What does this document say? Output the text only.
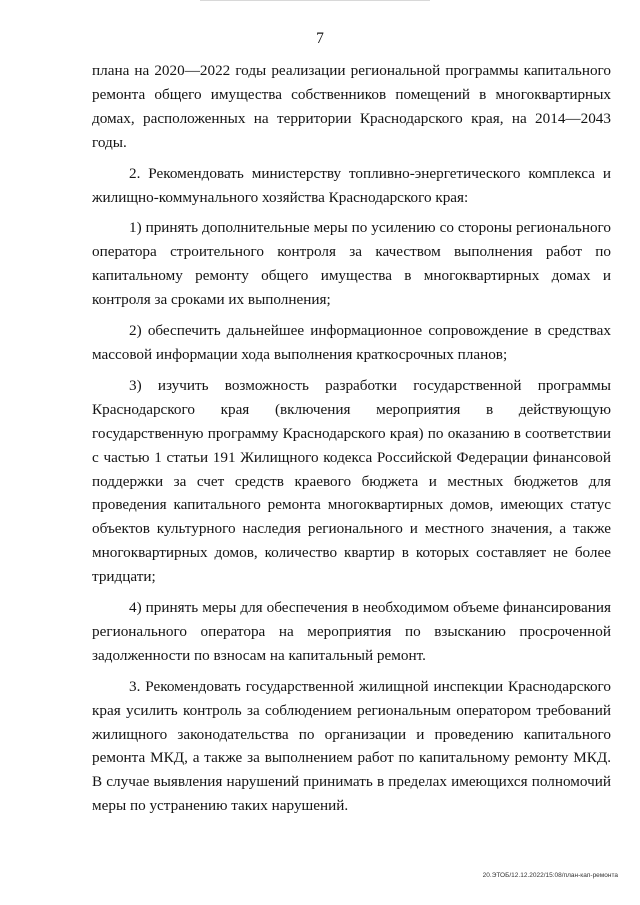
7

плана на 2020—2022 годы реализации региональной программы капитального ремонта общего имущества собственников помещений в многоквартирных домах, расположенных на территории Краснодарского края, на 2014—2043 годы.

2. Рекомендовать министерству топливно-энергетического комплекса и жилищно-коммунального хозяйства Краснодарского края:

1) принять дополнительные меры по усилению со стороны регионального оператора строительного контроля за качеством выполнения работ по капитальному ремонту общего имущества в многоквартирных домах и контроля за сроками их выполнения;

2) обеспечить дальнейшее информационное сопровождение в средствах массовой информации хода выполнения краткосрочных планов;

3) изучить возможность разработки государственной программы Краснодарского края (включения мероприятия в действующую государственную программу Краснодарского края) по оказанию в соответствии с частью 1 статьи 191 Жилищного кодекса Российской Федерации финансовой поддержки за счет средств краевого бюджета и местных бюджетов для проведения капитального ремонта многоквартирных домов, имеющих статус объектов культурного наследия регионального и местного значения, а также многоквартирных домов, количество квартир в которых составляет не более тридцати;

4) принять меры для обеспечения в необходимом объеме финансирования регионального оператора на мероприятия по взысканию просроченной задолженности по взносам на капитальный ремонт.

3. Рекомендовать государственной жилищной инспекции Краснодарского края усилить контроль за соблюдением региональным оператором требований жилищного законодательства по организации и проведению капитального ремонта МКД, а также за выполнением работ по капитальному ремонту МКД. В случае выявления нарушений принимать в пределах имеющихся полномочий меры по устранению таких нарушений.

20.ЭТОБ/12.12.2022/15:08/план-кап-ремонта
